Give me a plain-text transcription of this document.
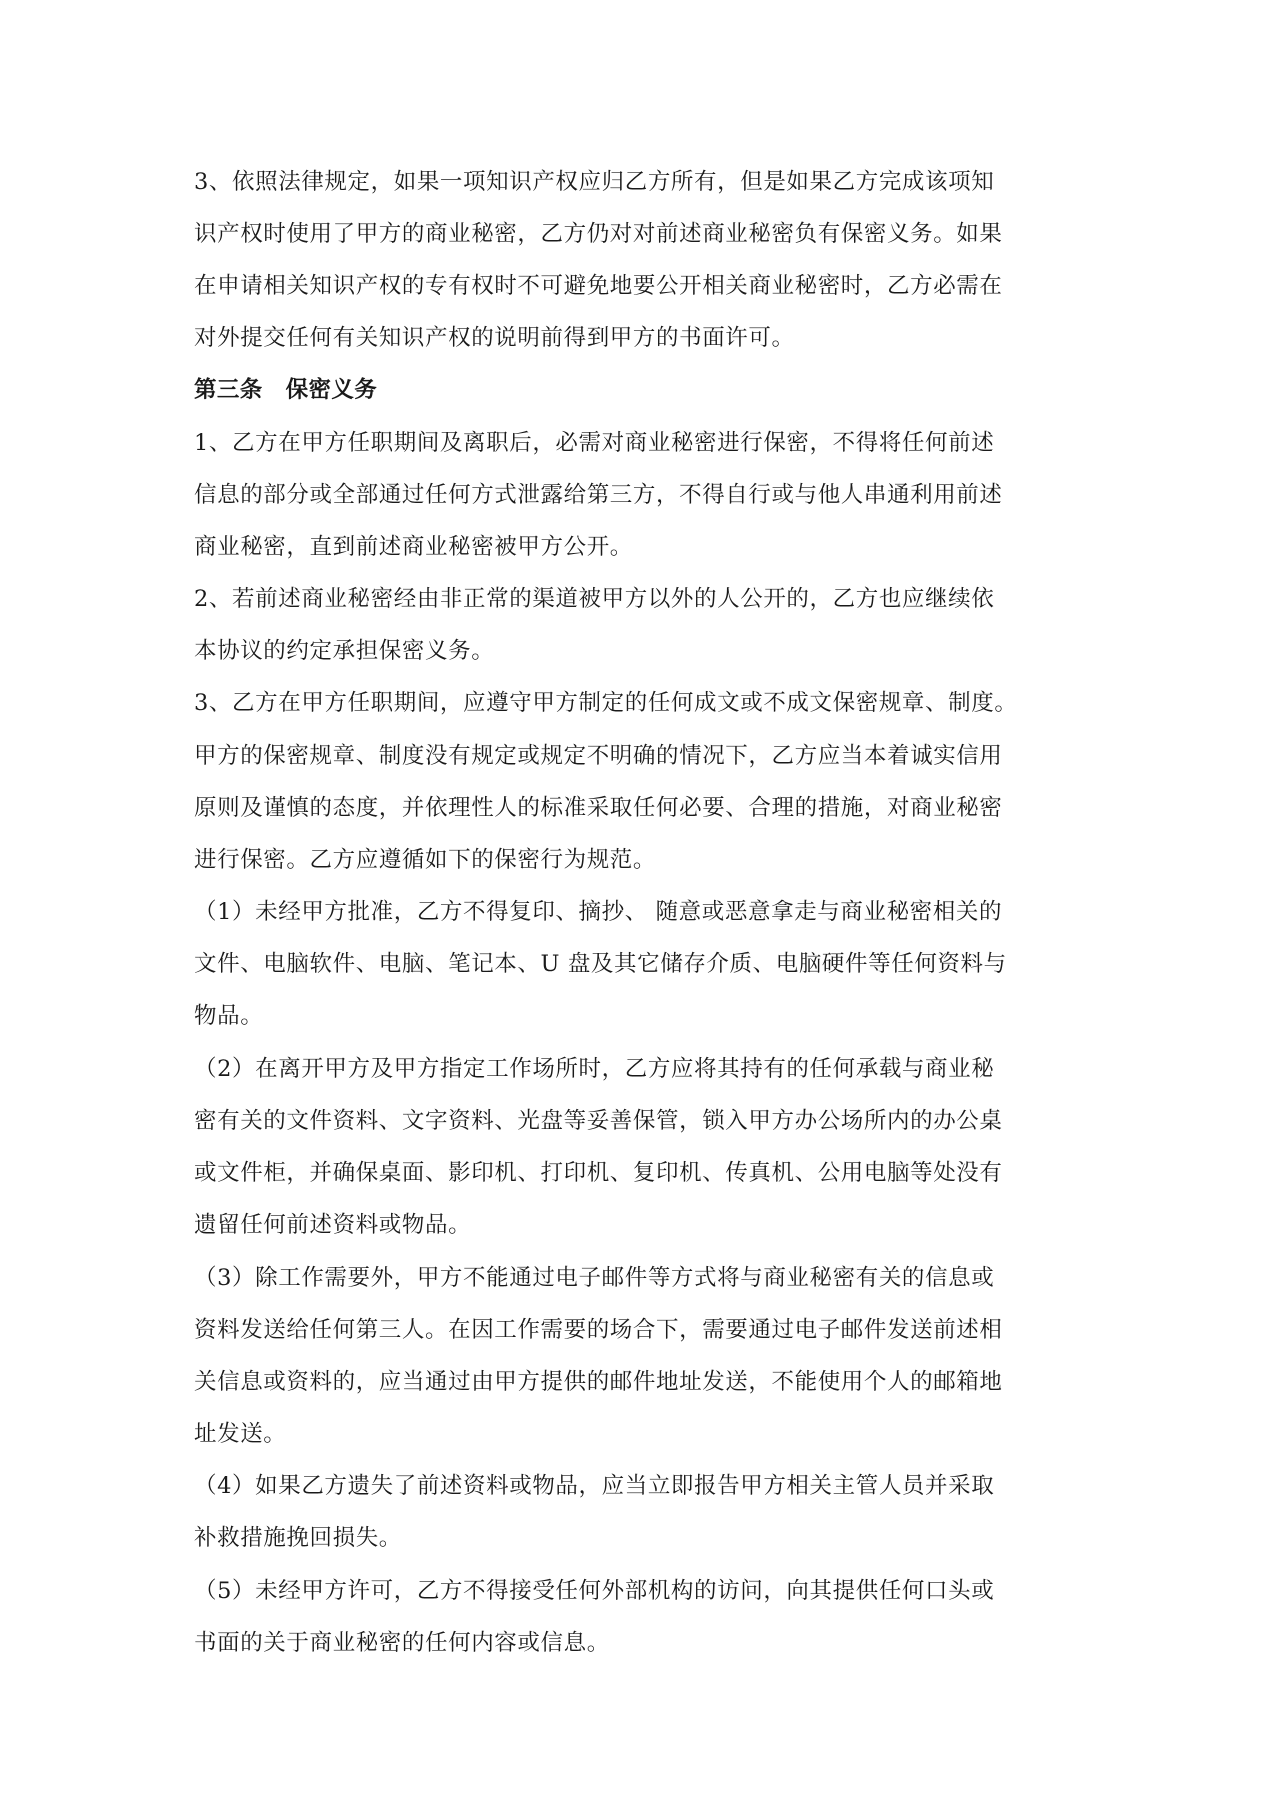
3、依照法律规定，如果一项知识产权应归乙方所有，但是如果乙方完成该项知
识产权时使用了甲方的商业秘密，乙方仍对对前述商业秘密负有保密义务。如果
在申请相关知识产权的专有权时不可避免地要公开相关商业秘密时，乙方必需在
对外提交任何有关知识产权的说明前得到甲方的书面许可。
第三条　保密义务
1、乙方在甲方任职期间及离职后，必需对商业秘密进行保密，不得将任何前述
信息的部分或全部通过任何方式泄露给第三方，不得自行或与他人串通利用前述
商业秘密，直到前述商业秘密被甲方公开。
2、若前述商业秘密经由非正常的渠道被甲方以外的人公开的，乙方也应继续依
本协议的约定承担保密义务。
3、乙方在甲方任职期间，应遵守甲方制定的任何成文或不成文保密规章、制度。
甲方的保密规章、制度没有规定或规定不明确的情况下，乙方应当本着诚实信用
原则及谨慎的态度，并依理性人的标准采取任何必要、合理的措施，对商业秘密
进行保密。乙方应遵循如下的保密行为规范。
（1）未经甲方批准，乙方不得复印、摘抄、 随意或恶意拿走与商业秘密相关的
文件、电脑软件、电脑、笔记本、U 盘及其它储存介质、电脑硬件等任何资料与
物品。
（2）在离开甲方及甲方指定工作场所时，乙方应将其持有的任何承载与商业秘
密有关的文件资料、文字资料、光盘等妥善保管，锁入甲方办公场所内的办公桌
或文件柜，并确保桌面、影印机、打印机、复印机、传真机、公用电脑等处没有
遗留任何前述资料或物品。
（3）除工作需要外，甲方不能通过电子邮件等方式将与商业秘密有关的信息或
资料发送给任何第三人。在因工作需要的场合下，需要通过电子邮件发送前述相
关信息或资料的，应当通过由甲方提供的邮件地址发送，不能使用个人的邮箱地
址发送。
（4）如果乙方遗失了前述资料或物品，应当立即报告甲方相关主管人员并采取
补救措施挽回损失。
（5）未经甲方许可，乙方不得接受任何外部机构的访问，向其提供任何口头或
书面的关于商业秘密的任何内容或信息。
